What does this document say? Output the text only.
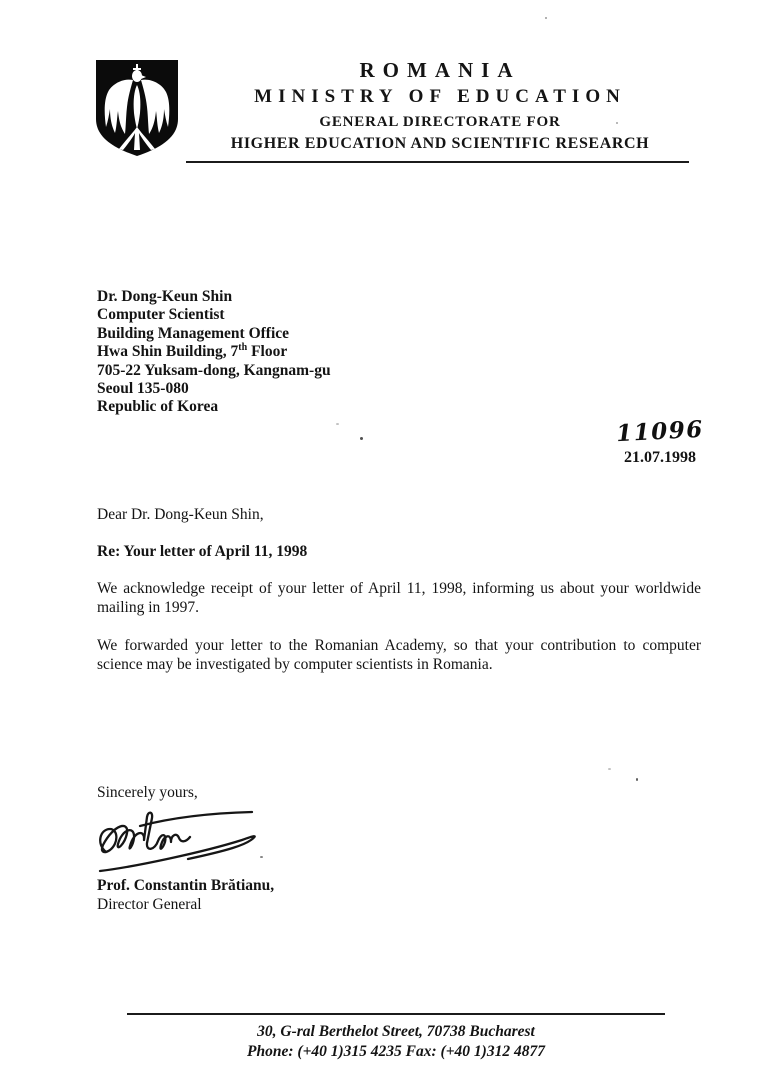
ROMANIA
MINISTRY OF EDUCATION
GENERAL DIRECTORATE FOR
HIGHER EDUCATION AND SCIENTIFIC RESEARCH
Dr. Dong-Keun Shin
Computer Scientist
Building Management Office
Hwa Shin Building, 7th Floor
705-22 Yuksam-dong, Kangnam-gu
Seoul 135-080
Republic of Korea
11096
21.07.1998

Dear Dr. Dong-Keun Shin,

Re: Your letter of April 11, 1998

We acknowledge receipt of your letter of April 11, 1998, informing us about your worldwide mailing in 1997.

We forwarded your letter to the Romanian Academy, so that your contribution to computer science may be investigated by computer scientists in Romania.

Sincerely yours,
Prof. Constantin Brătianu,
Director General
30, G-ral Berthelot Street, 70738 Bucharest
Phone: (+40 1)315 4235 Fax: (+40 1)312 4877
